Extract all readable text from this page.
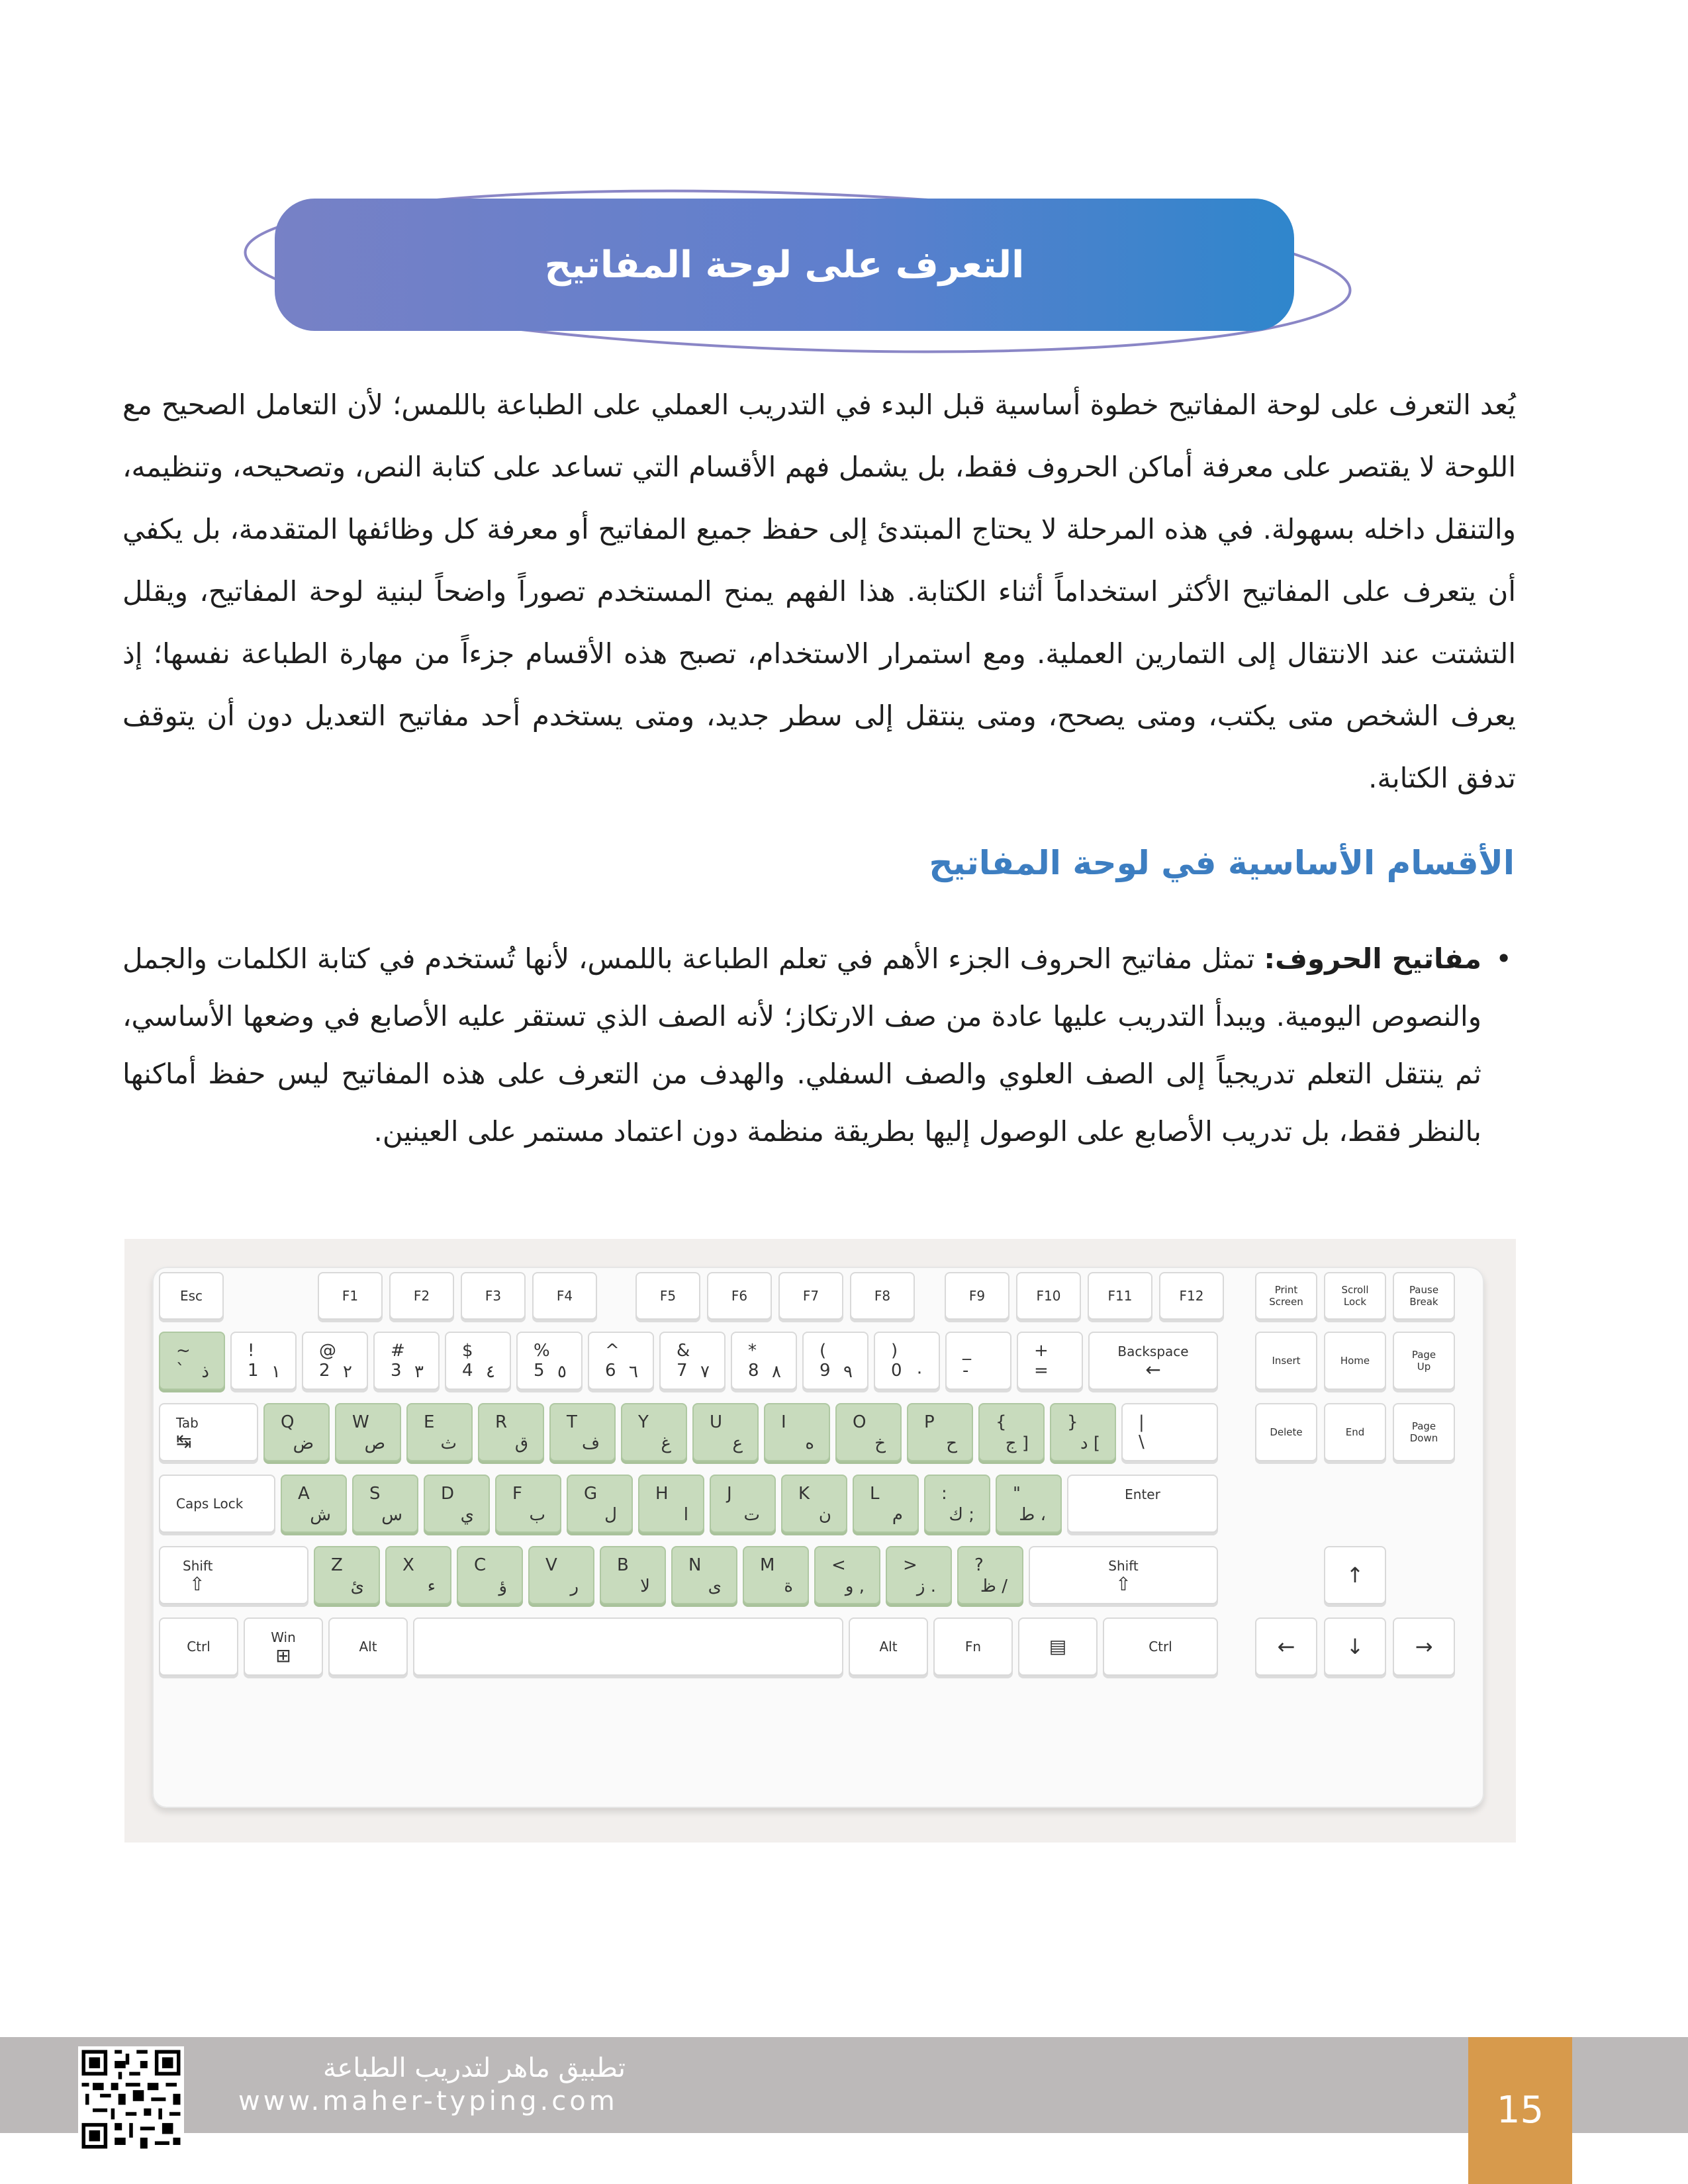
التعرف على لوحة المفاتيح
يُعد التعرف على لوحة المفاتيح خطوة أساسية قبل البدء في التدريب العملي على الطباعة باللمس؛ لأن التعامل الصحيح مع اللوحة لا يقتصر على معرفة أماكن الحروف فقط، بل يشمل فهم الأقسام التي تساعد على كتابة النص، وتصحيحه، وتنظيمه، والتنقل داخله بسهولة. في هذه المرحلة لا يحتاج المبتدئ إلى حفظ جميع المفاتيح أو معرفة كل وظائفها المتقدمة، بل يكفي أن يتعرف على المفاتيح الأكثر استخداماً أثناء الكتابة. هذا الفهم يمنح المستخدم تصوراً واضحاً لبنية لوحة المفاتيح، ويقلل التشتت عند الانتقال إلى التمارين العملية. ومع استمرار الاستخدام، تصبح هذه الأقسام جزءاً من مهارة الطباعة نفسها؛ إذ يعرف الشخص متى يكتب، ومتى يصحح، ومتى ينتقل إلى سطر جديد، ومتى يستخدم أحد مفاتيح التعديل دون أن يتوقف تدفق الكتابة.
الأقسام الأساسية في لوحة المفاتيح
•
مفاتيح الحروف: تمثل مفاتيح الحروف الجزء الأهم في تعلم الطباعة باللمس، لأنها تُستخدم في كتابة الكلمات والجمل والنصوص اليومية. ويبدأ التدريب عليها عادة من صف الارتكاز؛ لأنه الصف الذي تستقر عليه الأصابع في وضعها الأساسي، ثم ينتقل التعلم تدريجياً إلى الصف العلوي والصف السفلي. والهدف من التعرف على هذه المفاتيح ليس حفظ أماكنها بالنظر فقط، بل تدريب الأصابع على الوصول إليها بطريقة منظمة دون اعتماد مستمر على العينين.
Esc	F1	F2	F3	F4	F5	F6	F7	F8	F9	F10	F11	F12	Print
Screen
Scroll
Lock
Pause
Break
~
` ذ
!
1 ١
@
2 ٢
#
3 ٣
$
4 ٤
%
5 ٥
^
6 ٦
&
7 ٧
*
8 ٨
(
9 ٩
)
0 ٠
_
-
+
=
Backspace
←	Insert	Home	Page
Up
Tab
↹
Q
ض
W
ص
E
ث
R
ق
T
ف
Y
غ
U
ع
I
ه
O
خ
P
ح
{
ج ]
}
د [
|
\	Delete	End	Page
Down
Caps Lock	A
ش
S
س
D
ي
F
ب
G
ل
H
ا
J
ت
K
ن
L
م
:
ك ;
"
ط ،
Enter
Shift
⇧
Z
ئ
X
ء
C
ؤ
V
ر
B
لا
N
ى
M
ة
<
و ,
>
ز .
?
ظ /
Shift
⇧	↑
Ctrl
Win
⊞	Alt	Alt	Fn	▤	Ctrl	←	↓	→
تطبيق ماهر لتدريب الطباعة
www.maher-typing.com	15
